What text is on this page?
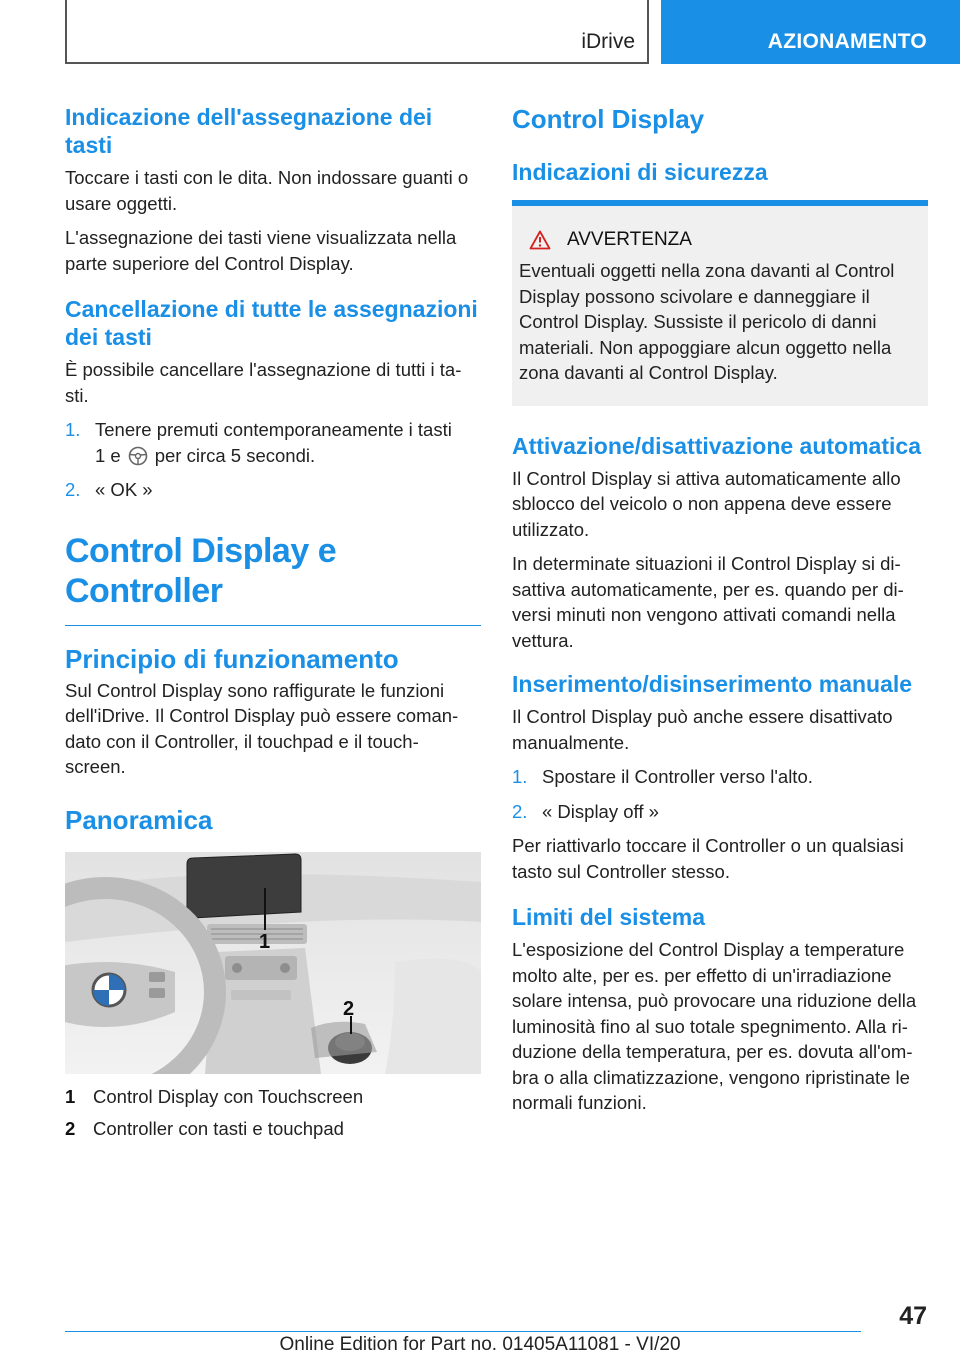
iDrive	AZIONAMENTO
Indicazione dell'assegnazione dei tasti
Toccare i tasti con le dita. Non indossare guanti o usare oggetti.
L'assegnazione dei tasti viene visualizzata nella parte superiore del Control Display.
Cancellazione di tutte le assegnazioni dei tasti
È possibile cancellare l'assegnazione di tutti i ta‐ sti.
1. Tenere premuti contemporaneamente i tasti
1 e per circa 5 secondi.
2. « OK »
Control Display e Controller
Principio di funzionamento
Sul Control Display sono raffigurate le funzioni dell'iDrive. Il Control Display può essere coman‐ dato con il Controller, il touchpad e il touch‐ screen.
Panoramica
1
2
1 Control Display con Touchscreen
2 Controller con tasti e touchpad
Control Display
Indicazioni di sicurezza
AVVERTENZA
Eventuali oggetti nella zona davanti al Control Display possono scivolare e danneggiare il Control Display. Sussiste il pericolo di danni materiali. Non appoggiare alcun oggetto nella zona davanti al Control Display.
Attivazione/disattivazione automatica
Il Control Display si attiva automaticamente allo sblocco del veicolo o non appena deve essere utilizzato.
In determinate situazioni il Control Display si di‐ sattiva automaticamente, per es. quando per di‐ versi minuti non vengono attivati comandi nella vettura.
Inserimento/disinserimento manuale
Il Control Display può anche essere disattivato manualmente.
1. Spostare il Controller verso l'alto.
2. « Display off »
Per riattivarlo toccare il Controller o un qualsiasi tasto sul Controller stesso.
Limiti del sistema
L'esposizione del Control Display a temperature molto alte, per es. per effetto di un'irradiazione solare intensa, può provocare una riduzione della luminosità fino al suo totale spegnimento. Alla ri‐ duzione della temperatura, per es. dovuta all'om‐ bra o alla climatizzazione, vengono ripristinate le normali funzioni.
47
Online Edition for Part no. 01405A11081 - VI/20
